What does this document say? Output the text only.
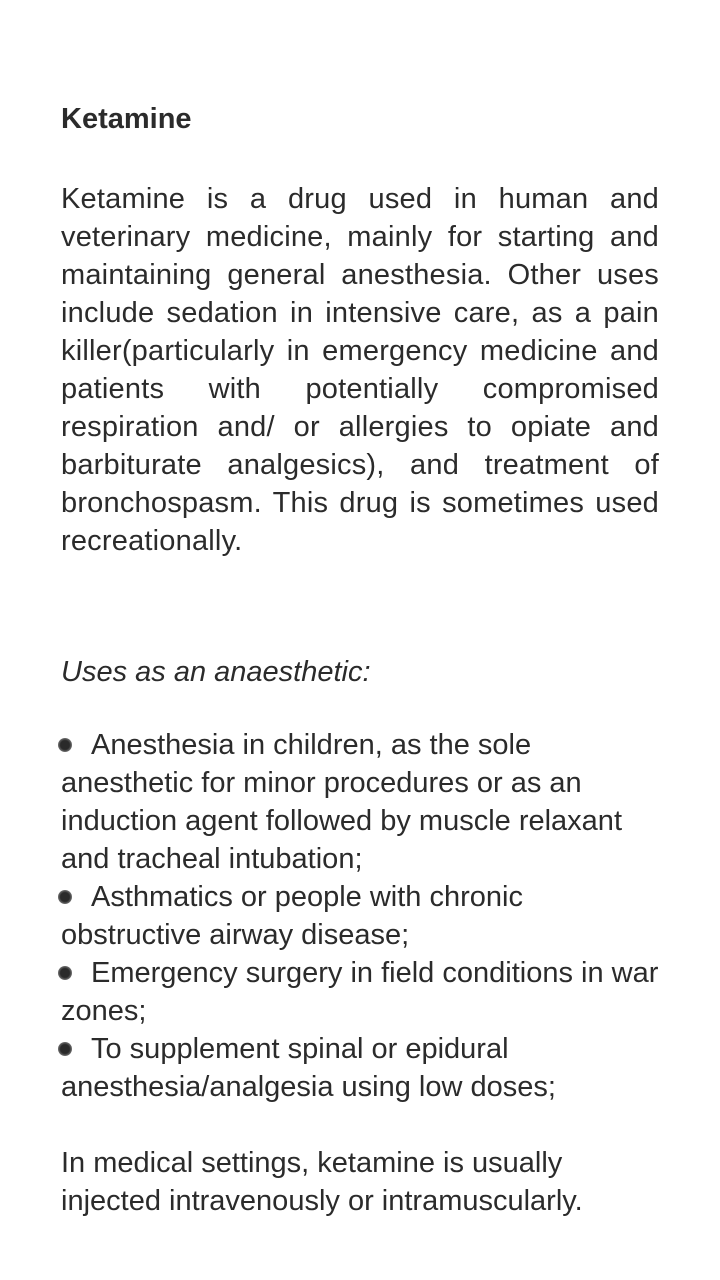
Ketamine

Ketamine is a drug used in human and veterinary medicine, mainly for starting and maintaining general anesthesia. Other uses include sedation in intensive care, as a pain killer(particularly in emergency medicine and patients with potentially compromised respiration and/ or allergies to opiate and barbiturate analgesics), and treatment of bronchospasm. This drug is sometimes used recreationally.

Uses as an anaesthetic:

Anesthesia in children, as the sole anesthetic for minor procedures or as an induction agent followed by muscle relaxant and tracheal intubation;
Asthmatics or people with chronic obstructive airway disease;
Emergency surgery in field conditions in war zones;
To supplement spinal or epidural anesthesia/analgesia using low doses;

In medical settings, ketamine is usually injected intravenously or intramuscularly.
